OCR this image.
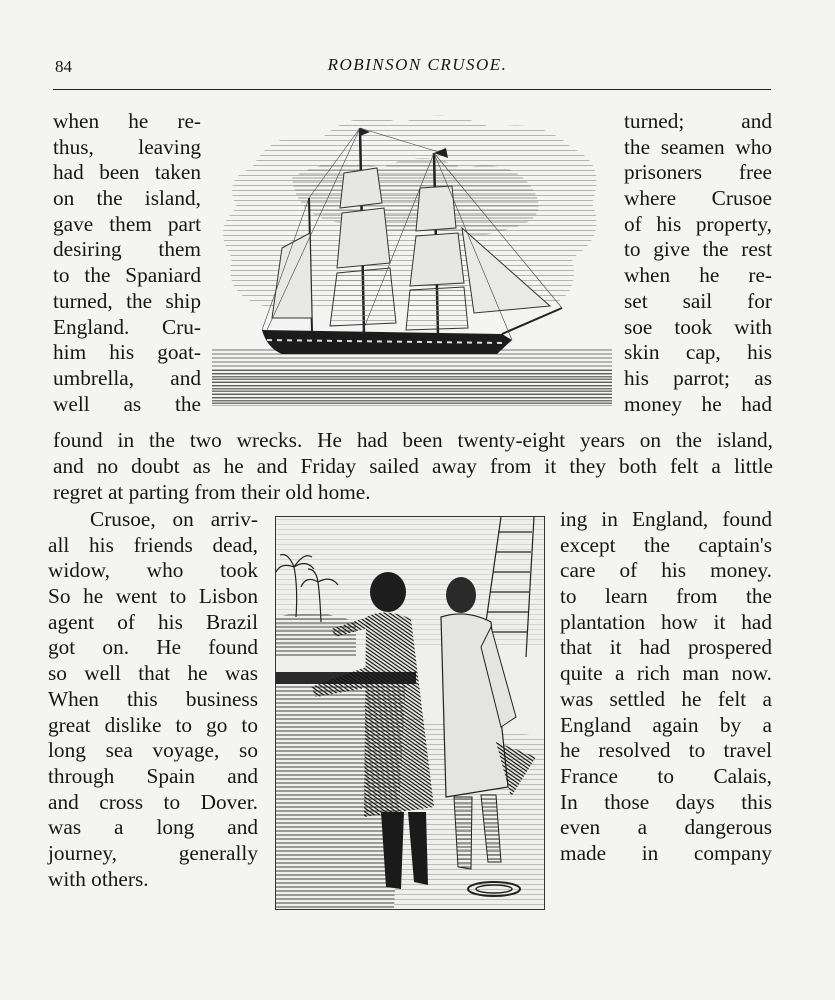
84	ROBINSON CRUSOE.
when he re-
thus, leaving
had been taken
on the island,
gave them part
desiring them
to the Spaniard
turned, the ship
England. Cru-
him his goat-
umbrella, and
well as the
turned; and
the seamen who
prisoners free
where Crusoe
of his property,
to give the rest
when he re-
set sail for
soe took with
skin cap, his
his parrot; as
money he had
found in the two wrecks. He had been twenty-eight years on the island,
and no doubt as he and Friday sailed away from it they both felt a little
regret at parting from their old home.
Crusoe, on arriv-
all his friends dead,
widow, who took
So he went to Lisbon
agent of his Brazil
got on. He found
so well that he was
When this business
great dislike to go to
long sea voyage, so
through Spain and
and cross to Dover.
was a long and
journey, generally
with others.
ing in England, found
except the captain's
care of his money.
to learn from the
plantation how it had
that it had prospered
quite a rich man now.
was settled he felt a
England again by a
he resolved to travel
France to Calais,
In those days this
even a dangerous
made in company
